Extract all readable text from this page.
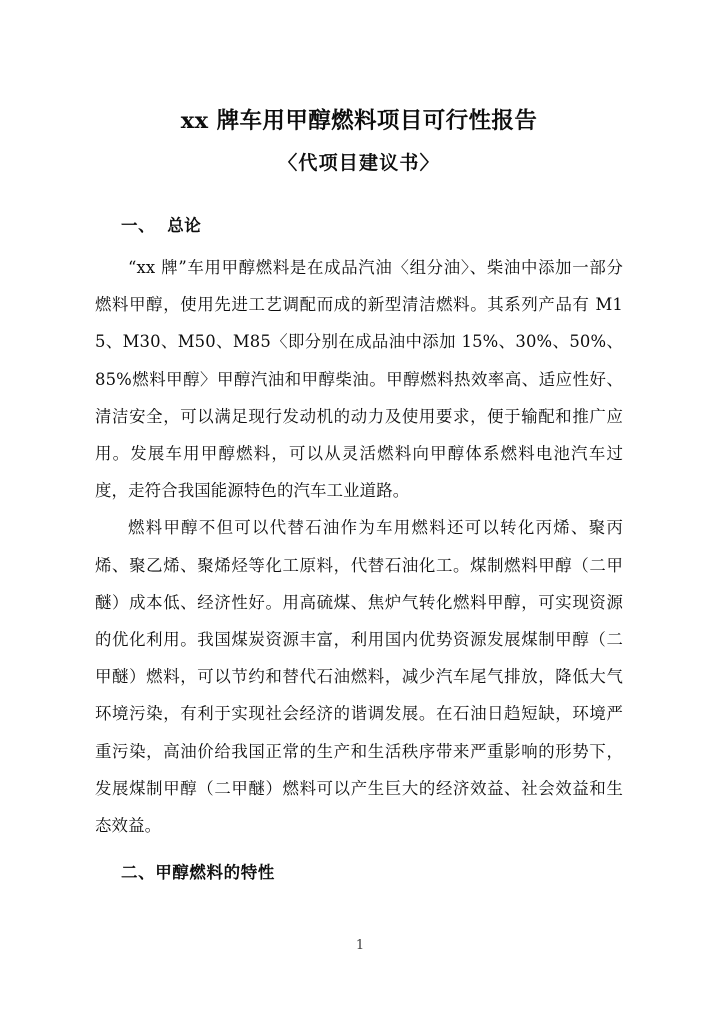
xx 牌车用甲醇燃料项目可行性报告
〈代项目建议书〉
一、 总论

“xx 牌”车用甲醇燃料是在成品汽油〈组分油〉、柴油中添加一部分燃料甲醇，使用先进工艺调配而成的新型清洁燃料。其系列产品有 M15、M30、M50、M85〈即分别在成品油中添加 15%、30%、50%、85%燃料甲醇〉甲醇汽油和甲醇柴油。甲醇燃料热效率高、适应性好、清洁安全，可以满足现行发动机的动力及使用要求，便于输配和推广应用。发展车用甲醇燃料，可以从灵活燃料向甲醇体系燃料电池汽车过度，走符合我国能源特色的汽车工业道路。

燃料甲醇不但可以代替石油作为车用燃料还可以转化丙烯、聚丙烯、聚乙烯、聚烯烃等化工原料，代替石油化工。煤制燃料甲醇（二甲醚）成本低、经济性好。用高硫煤、焦炉气转化燃料甲醇，可实现资源的优化利用。我国煤炭资源丰富，利用国内优势资源发展煤制甲醇（二甲醚）燃料，可以节约和替代石油燃料，减少汽车尾气排放，降低大气环境污染，有利于实现社会经济的谐调发展。在石油日趋短缺，环境严重污染，高油价给我国正常的生产和生活秩序带来严重影响的形势下，发展煤制甲醇（二甲醚）燃料可以产生巨大的经济效益、社会效益和生态效益。

二、甲醇燃料的特性
1
